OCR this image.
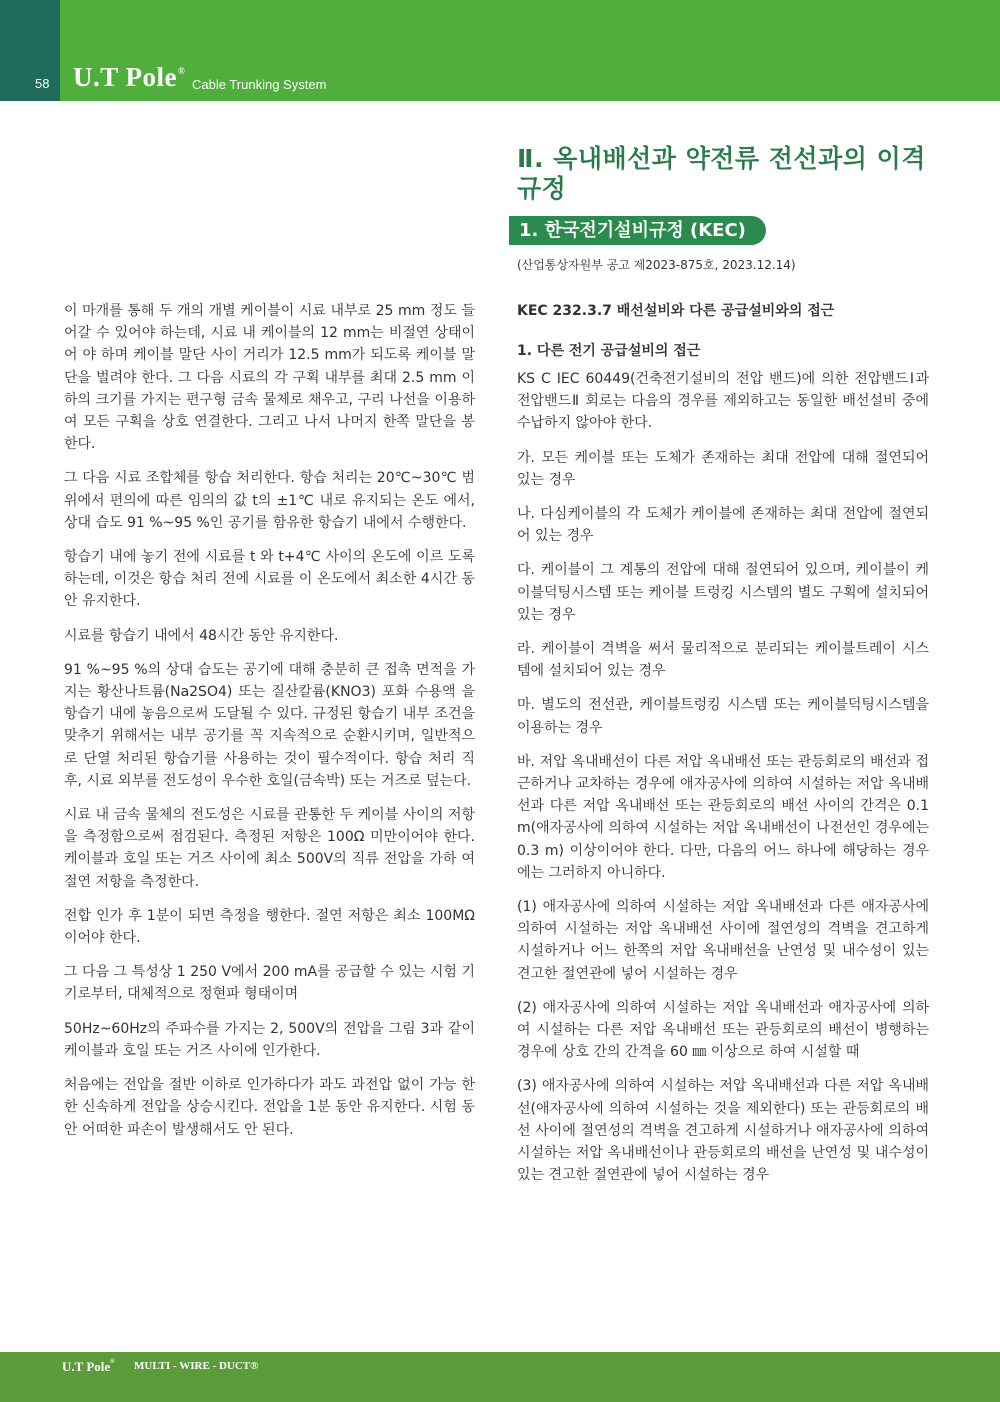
58 U.T Pole®
Cable Trunking System

이 마개를 통해 두 개의 개별 케이블이 시료 내부로 25 mm 정도 들어갈 수 있어야 하는데, 시료 내 케이블의 12 mm는 비절연 상태이어 야 하며 케이블 말단 사이 거리가 12.5 mm가 되도록 케이블 말 단을 벌려야 한다. 그 다음 시료의 각 구획 내부를 최대 2.5 mm 이하의 크기를 가지는 편구형 금속 물체로 채우고, 구리 나선을 이용하여 모든 구획을 상호 연결한다. 그리고 나서 나머지 한쪽 말단을 봉한다.

그 다음 시료 조합체를 항습 처리한다. 항습 처리는 20℃~30℃ 범위에서 편의에 따른 임의의 값 t의 ±1℃ 내로 유지되는 온도 에서, 상대 습도 91 %~95 %인 공기를 함유한 항습기 내에서 수행한다.

항습기 내에 놓기 전에 시료를 t 와 t+4℃ 사이의 온도에 이르 도록 하는데, 이것은 항습 처리 전에 시료를 이 온도에서 최소한 4시간 동안 유지한다.

시료를 항습기 내에서 48시간 동안 유지한다.

91 %~95 %의 상대 습도는 공기에 대해 충분히 큰 접촉 면적을 가지는 황산나트륨(Na2SO4) 또는 질산칼륨(KNO3) 포화 수용액 을 항습기 내에 놓음으로써 도달될 수 있다. 규정된 항습기 내부 조건을 맞추기 위해서는 내부 공기를 꼭 지속적으로 순환시키며, 일반적으로 단열 처리된 항습기를 사용하는 것이 필수적이다. 항습 처리 직후, 시료 외부를 전도성이 우수한 호일(금속박) 또는 거즈로 덮는다.

시료 내 금속 물체의 전도성은 시료를 관통한 두 케이블 사이의 저항을 측정함으로써 점검된다. 측정된 저항은 100Ω 미만이어야 한다. 케이블과 호일 또는 거즈 사이에 최소 500V의 직류 전압을 가하 여 절연 저항을 측정한다.

전합 인가 후 1분이 되면 측정을 행한다. 절연 저항은 최소 100MΩ 이어야 한다.

그 다음 그 특성상 1 250 V에서 200 mA를 공급할 수 있는 시험 기기로부터, 대체적으로 정현파 형태이며

50Hz~60Hz의 주파수를 가지는 2, 500V의 전압을 그림 3과 같이 케이블과 호일 또는 거즈 사이에 인가한다.

처음에는 전압을 절반 이하로 인가하다가 과도 과전압 없이 가능 한 한 신속하게 전압을 상승시킨다. 전압을 1분 동안 유지한다. 시험 동안 어떠한 파손이 발생해서도 안 된다.

Ⅱ. 옥내배선과 약전류 전선과의 이격 규정
1. 한국전기설비규정 (KEC)
(산업통상자원부 공고 제2023-875호, 2023.12.14)
KEC 232.3.7 배선설비와 다른 공급설비와의 접근
1. 다른 전기 공급설비의 접근

KS C IEC 60449(건축전기설비의 전압 밴드)에 의한 전압밴드Ⅰ과 전압밴드Ⅱ 회로는 다음의 경우를 제외하고는 동일한 배선설비 중에 수납하지 않아야 한다.

가. 모든 케이블 또는 도체가 존재하는 최대 전압에 대해 절연되어 있는 경우

나. 다심케이블의 각 도체가 케이블에 존재하는 최대 전압에 절연되어 있는 경우

다. 케이블이 그 계통의 전압에 대해 절연되어 있으며, 케이블이 케이블덕팅시스템 또는 케이블 트렁킹 시스템의 별도 구획에 설치되어 있는 경우

라. 케이블이 격벽을 써서 물리적으로 분리되는 케이블트레이 시스템에 설치되어 있는 경우

마. 별도의 전선관, 케이블트렁킹 시스템 또는 케이블덕팅시스템을 이용하는 경우

바. 저압 옥내배선이 다른 저압 옥내배선 또는 관등회로의 배선과 접근하거나 교차하는 경우에 애자공사에 의하여 시설하는 저압 옥내배선과 다른 저압 옥내배선 또는 관등회로의 배선 사이의 간격은 0.1 m(애자공사에 의하여 시설하는 저압 옥내배선이 나전선인 경우에는 0.3 m) 이상이어야 한다. 다만, 다음의 어느 하나에 해당하는 경우에는 그러하지 아니하다.

(1) 애자공사에 의하여 시설하는 저압 옥내배선과 다른 애자공사에 의하여 시설하는 저압 옥내배선 사이에 절연성의 격벽을 견고하게 시설하거나 어느 한쪽의 저압 옥내배선을 난연성 및 내수성이 있는 견고한 절연관에 넣어 시설하는 경우

(2) 애자공사에 의하여 시설하는 저압 옥내배선과 애자공사에 의하여 시설하는 다른 저압 옥내배선 또는 관등회로의 배선이 병행하는 경우에 상호 간의 간격을 60 ㎜ 이상으로 하여 시설할 때

(3) 애자공사에 의하여 시설하는 저압 옥내배선과 다른 저압 옥내배선(애자공사에 의하여 시설하는 것을 제외한다) 또는 관등회로의 배선 사이에 절연성의 격벽을 견고하게 시설하거나 애자공사에 의하여 시설하는 저압 옥내배선이나 관등회로의 배선을 난연성 및 내수성이 있는 견고한 절연관에 넣어 시설하는 경우

U.T Pole® MULTI - WIRE - DUCT®
